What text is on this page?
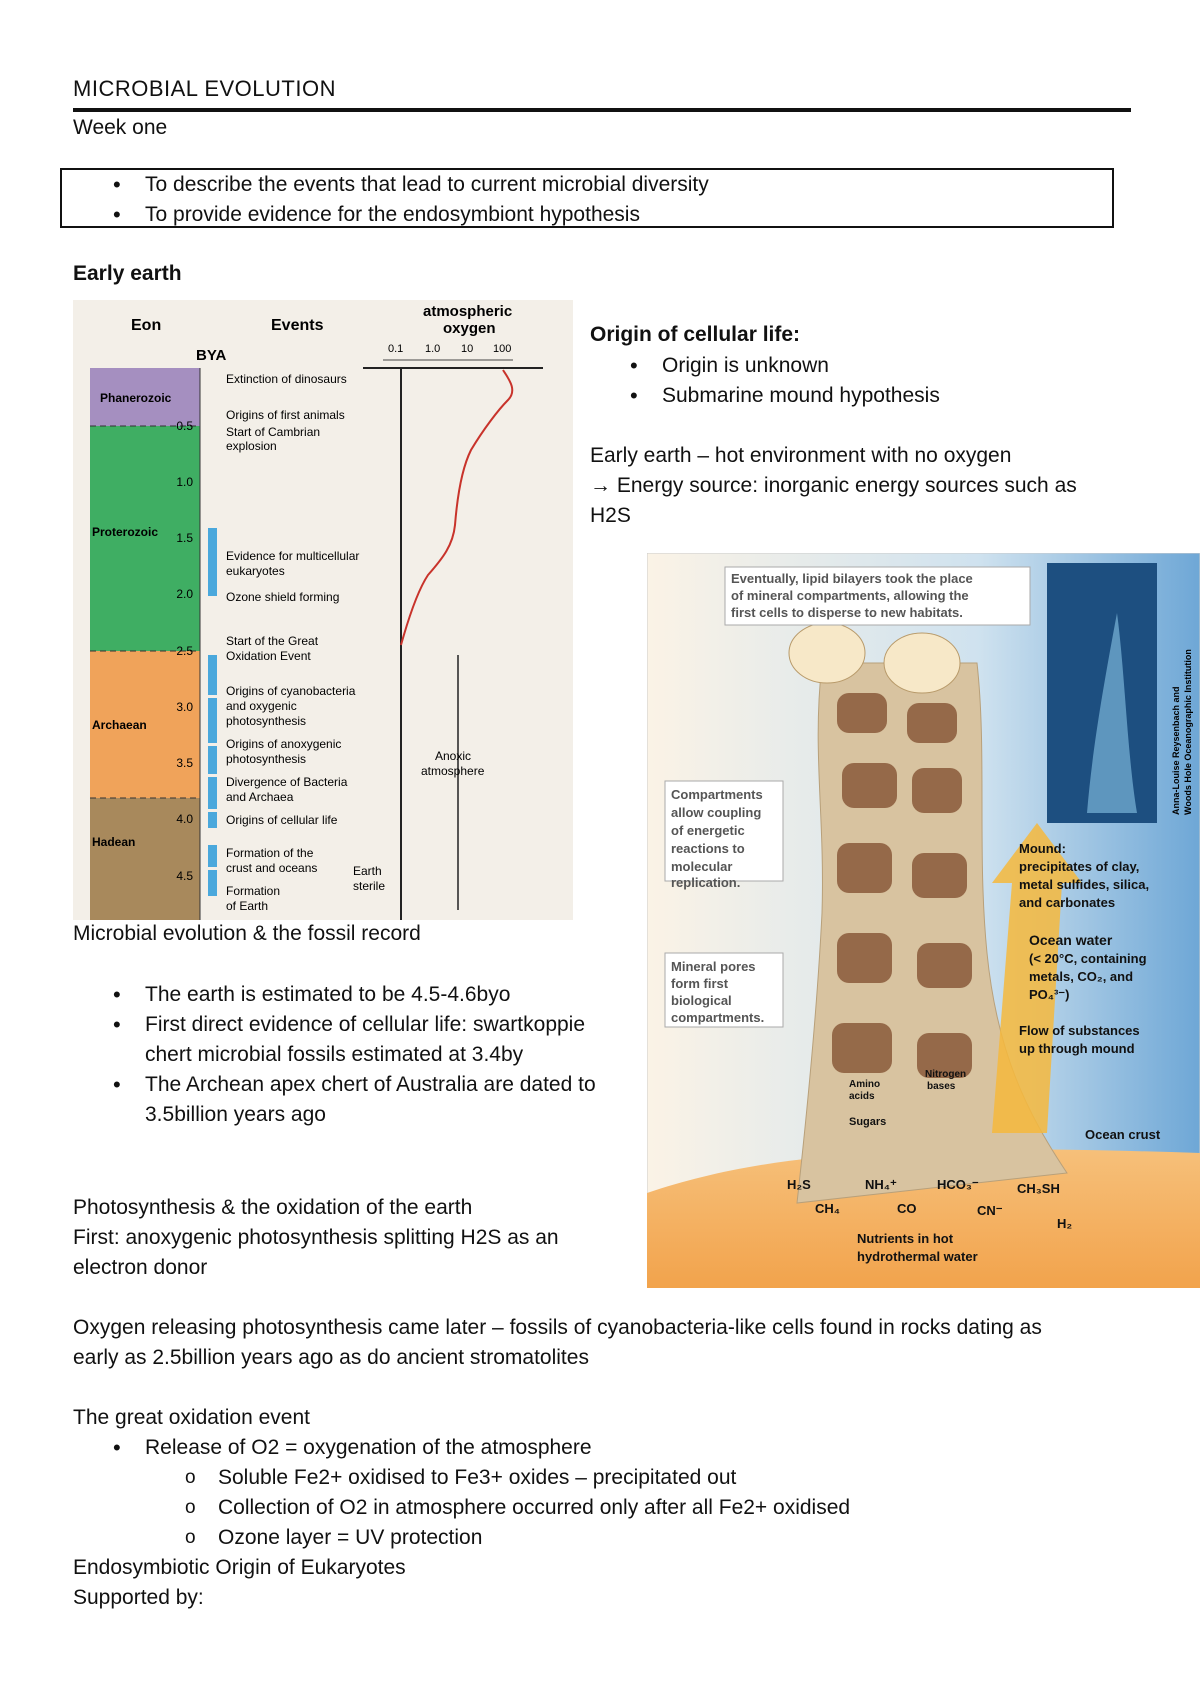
MICROBIAL EVOLUTION
Week one
• To describe the events that lead to current microbial diversity
• To provide evidence for the endosymbiont hypothesis
Early earth
Eon	Events
atmospheric
oxygen
BYA	0.1 1.0 10 100
Phanerozoic
Proterozoic
Archaean
Hadean
0.5
1.0
1.5
2.0
2.5
3.0
3.5
4.0
4.5
Extinction of dinosaurs
Origins of first animals
Start of Cambrian
explosion
Evidence for multicellular
eukaryotes
Ozone shield forming
Start of the Great
Oxidation Event
Origins of cyanobacteria
and oxygenic
photosynthesis
Origins of anoxygenic
photosynthesis
Divergence of Bacteria
and Archaea
Origins of cellular life
Formation of the
crust and oceans
Formation
of Earth
Anoxic
atmosphere
Earth
sterile
Origin of cellular life:
• Origin is unknown
• Submarine mound hypothesis
Early earth – hot environment with no oxygen
→ Energy source: inorganic energy sources such as
H2S
Anna-Louise Reysenbach and Woods Hole Oceanographic Institution
Eventually, lipid bilayers took the place
of mineral compartments, allowing the
first cells to disperse to new habitats.
Compartments
allow coupling
of energetic
reactions to
molecular
replication.
Mineral pores
form first
biological
compartments.
Mound:
precipitates of clay,
metal sulfides, silica,
and carbonates
Ocean water
(< 20°C, containing
metals, CO₂, and
PO₄³⁻)
Flow of substances
up through mound
Ocean crust
Amino
acids
Nitrogen
bases
Sugars
H₂S	NH₄⁺	HCO₃⁻	CH₃SH
CH₄	CO	CN⁻
H₂
Nutrients in hot
hydrothermal water
Microbial evolution & the fossil record
• The earth is estimated to be 4.5-4.6byo
• First direct evidence of cellular life: swartkoppie
chert microbial fossils estimated at 3.4by
• The Archean apex chert of Australia are dated to
3.5billion years ago
Photosynthesis & the oxidation of the earth
First: anoxygenic photosynthesis splitting H2S as an
electron donor
Oxygen releasing photosynthesis came later – fossils of cyanobacteria-like cells found in rocks dating as
early as 2.5billion years ago as do ancient stromatolites
The great oxidation event
• Release of O2 = oxygenation of the atmosphere
o Soluble Fe2+ oxidised to Fe3+ oxides – precipitated out
o Collection of O2 in atmosphere occurred only after all Fe2+ oxidised
o Ozone layer = UV protection
Endosymbiotic Origin of Eukaryotes
Supported by:
